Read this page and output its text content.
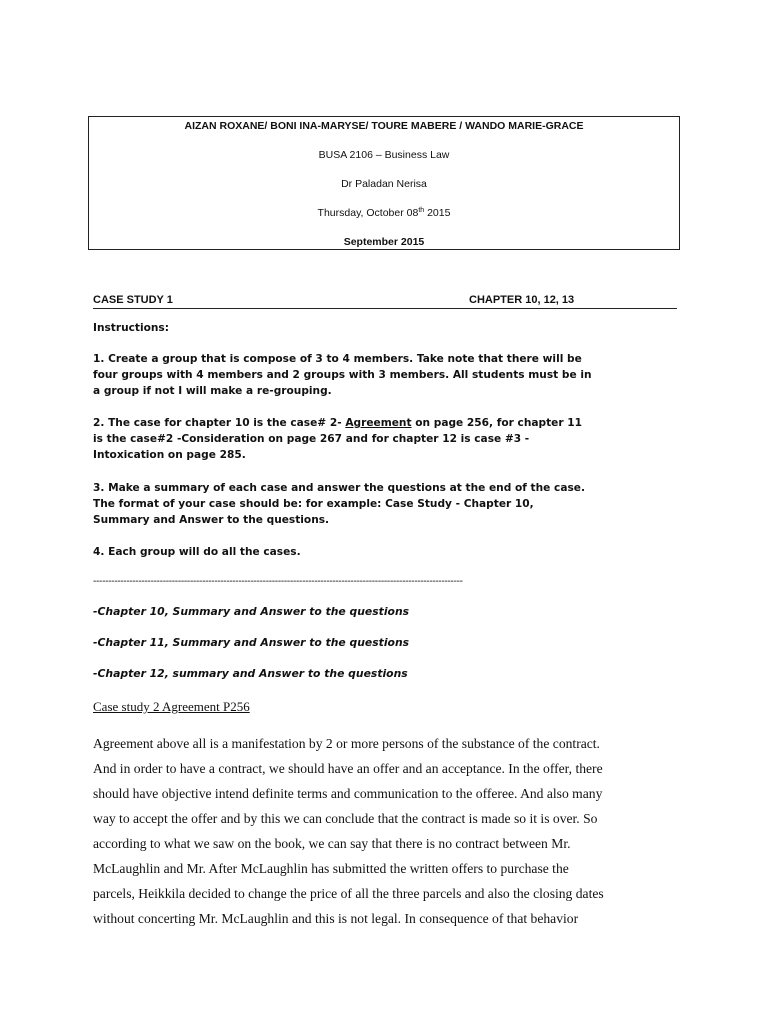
AIZAN ROXANE/ BONI INA-MARYSE/ TOURE MABERE / WANDO MARIE-GRACE
BUSA 2106 – Business Law
Dr Paladan Nerisa
Thursday, October 08th 2015
September 2015
CASE STUDY 1	CHAPTER 10, 12, 13
Instructions:
1. Create a group that is compose of 3 to 4 members. Take note that there will be
four groups with 4 members and 2 groups with 3 members. All students must be in
a group if not I will make a re-grouping.
2. The case for chapter 10 is the case# 2- Agreement on page 256, for chapter 11
is the case#2 -Consideration on page 267 and for chapter 12 is case #3 -
Intoxication on page 285.
3. Make a summary of each case and answer the questions at the end of the case.
The format of your case should be: for example: Case Study - Chapter 10,
Summary and Answer to the questions.
4. Each group will do all the cases.
--------------------------------------------------------------------------------------------------------------------------
-Chapter 10, Summary and Answer to the questions
-Chapter 11, Summary and Answer to the questions
-Chapter 12, summary and Answer to the questions
Case study 2 Agreement P256
Agreement above all is a manifestation by 2 or more persons of the substance of the contract.
And in order to have a contract, we should have an offer and an acceptance. In the offer, there
should have objective intend definite terms and communication to the offeree. And also many
way to accept the offer and by this we can conclude that the contract is made so it is over. So
according to what we saw on the book, we can say that there is no contract between Mr.
McLaughlin and Mr. After McLaughlin has submitted the written offers to purchase the
parcels, Heikkila decided to change the price of all the three parcels and also the closing dates
without concerting Mr. McLaughlin and this is not legal. In consequence of that behavior
